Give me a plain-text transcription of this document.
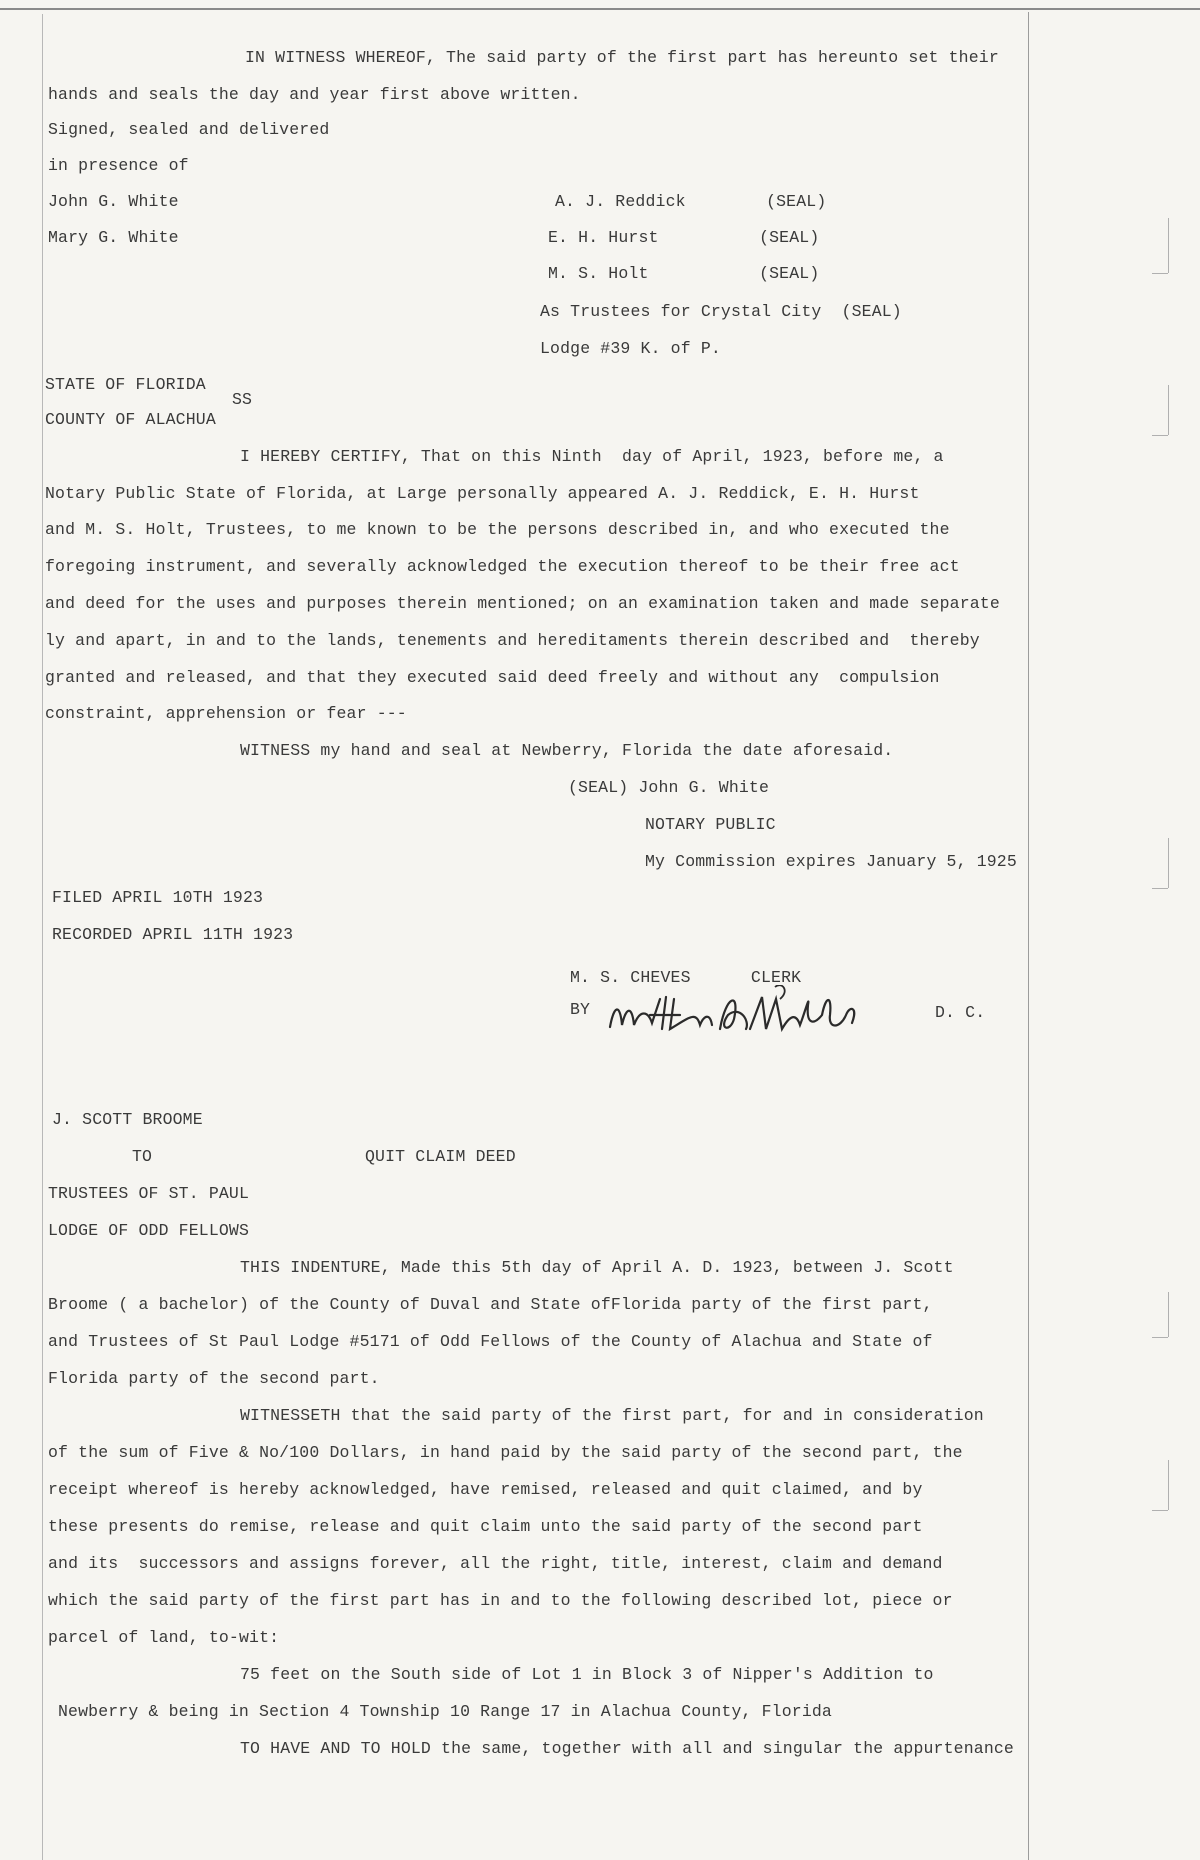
IN WITNESS WHEREOF, The said party of the first part has hereunto set their
hands and seals the day and year first above written.
Signed, sealed and delivered
in presence of
John G. White	A. J. Reddick        (SEAL)
Mary G. White	E. H. Hurst          (SEAL)
M. S. Holt           (SEAL)
As Trustees for Crystal City  (SEAL)
Lodge #39 K. of P.
STATE OF FLORIDA
SS
COUNTY OF ALACHUA
I HEREBY CERTIFY, That on this Ninth  day of April, 1923, before me, a
Notary Public State of Florida, at Large personally appeared A. J. Reddick, E. H. Hurst
and M. S. Holt, Trustees, to me known to be the persons described in, and who executed the
foregoing instrument, and severally acknowledged the execution thereof to be their free act
and deed for the uses and purposes therein mentioned; on an examination taken and made separate
ly and apart, in and to the lands, tenements and hereditaments therein described and  thereby
granted and released, and that they executed said deed freely and without any  compulsion
constraint, apprehension or fear ---
WITNESS my hand and seal at Newberry, Florida the date aforesaid.
(SEAL) John G. White
NOTARY PUBLIC
My Commission expires January 5, 1925
FILED APRIL 10TH 1923
RECORDED APRIL 11TH 1923
M. S. CHEVES      CLERK
BY	D. C.
J. SCOTT BROOME
TO	QUIT CLAIM DEED
TRUSTEES OF ST. PAUL
LODGE OF ODD FELLOWS
THIS INDENTURE, Made this 5th day of April A. D. 1923, between J. Scott
Broome ( a bachelor) of the County of Duval and State ofFlorida party of the first part,
and Trustees of St Paul Lodge #5171 of Odd Fellows of the County of Alachua and State of
Florida party of the second part.
WITNESSETH that the said party of the first part, for and in consideration
of the sum of Five & No/100 Dollars, in hand paid by the said party of the second part, the
receipt whereof is hereby acknowledged, have remised, released and quit claimed, and by
these presents do remise, release and quit claim unto the said party of the second part
and its  successors and assigns forever, all the right, title, interest, claim and demand
which the said party of the first part has in and to the following described lot, piece or
parcel of land, to-wit:
75 feet on the South side of Lot 1 in Block 3 of Nipper's Addition to
Newberry & being in Section 4 Township 10 Range 17 in Alachua County, Florida
TO HAVE AND TO HOLD the same, together with all and singular the appurtenance
